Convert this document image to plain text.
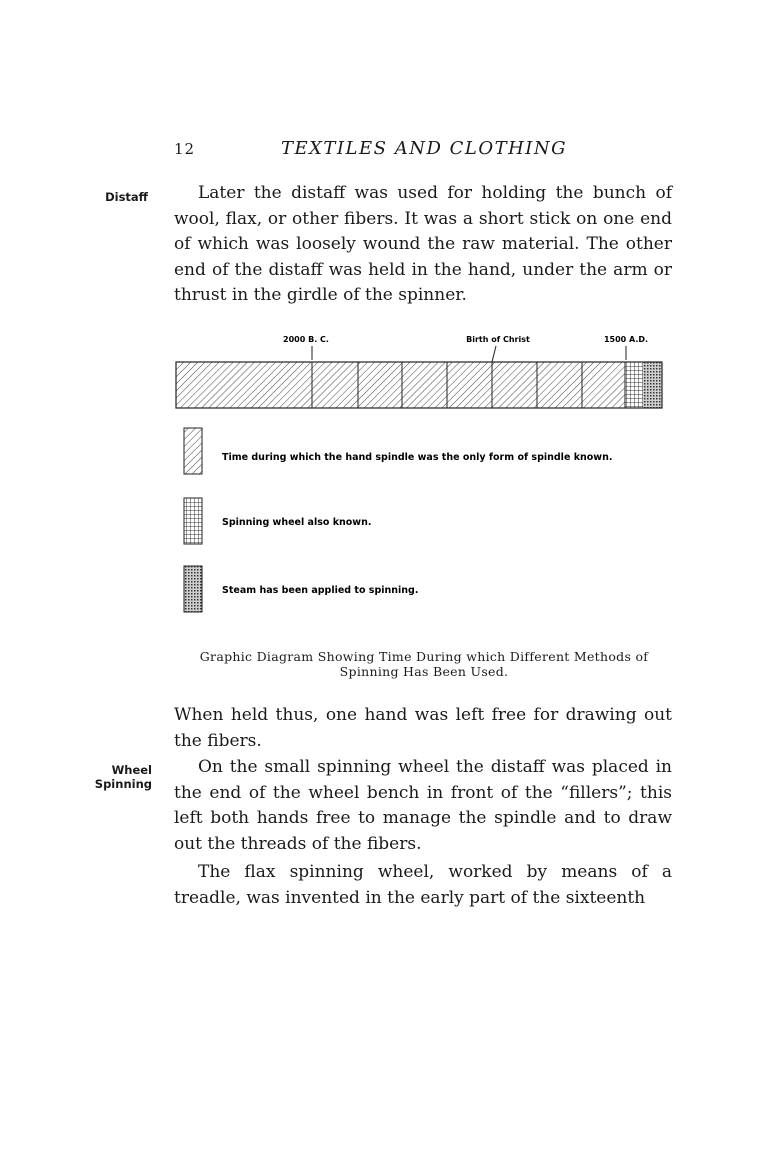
12	TEXTILES AND CLOTHING
Distaff
Wheel
Spinning

Later the distaff was used for holding the bunch of wool, flax, or other fibers. It was a short stick on one end of which was loosely wound the raw material. The other end of the distaff was held in the hand, under the arm or thrust in the girdle of the spinner.

2000 B. C.	Birth of Christ	1500 A.D.
Time during which the hand spindle was the only form of spindle known.
Spinning wheel also known.
Steam has been applied to spinning.
Graphic Diagram Showing Time During which Different Methods of
Spinning Has Been Used.

When held thus, one hand was left free for drawing out the fibers.

On the small spinning wheel the distaff was placed in the end of the wheel bench in front of the “fillers”; this left both hands free to manage the spindle and to draw out the threads of the fibers.

The flax spinning wheel, worked by means of a treadle, was invented in the early part of the sixteenth
